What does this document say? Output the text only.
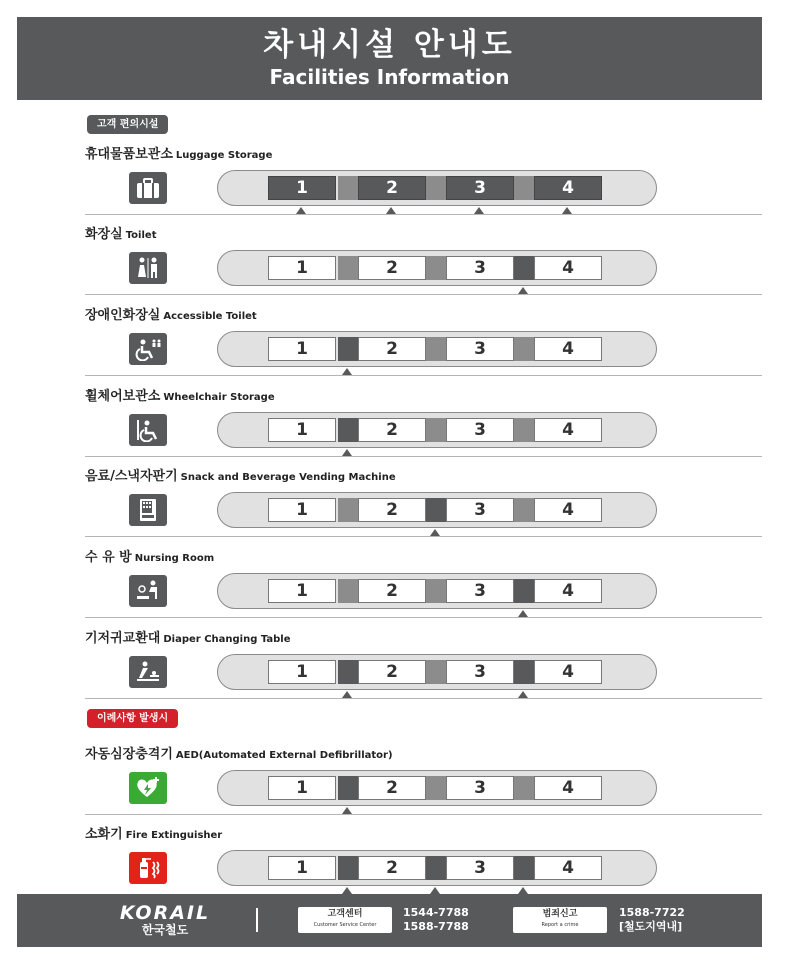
차내시설 안내도
Facilities Information
고객 편의시설
이례사항 발생시
휴대물품보관소 Luggage Storage
1	2	3	4
화장실 Toilet
1	2	3	4
장애인화장실 Accessible Toilet
1	2	3	4
휠체어보관소 Wheelchair Storage
1	2	3	4
음료/스낵자판기 Snack and Beverage Vending Machine
1	2	3	4
수 유 방 Nursing Room
1	2	3	4
기저귀교환대 Diaper Changing Table
1	2	3	4
자동심장충격기 AED(Automated External Defibrillator)
1	2	3	4
소화기 Fire Extinguisher
1	2	3	4
KORAIL
한국철도
고객센터
Customer Service Center
1544-7788
1588-7788
범죄신고
Report a crime
1588-7722
[철도지역내]
